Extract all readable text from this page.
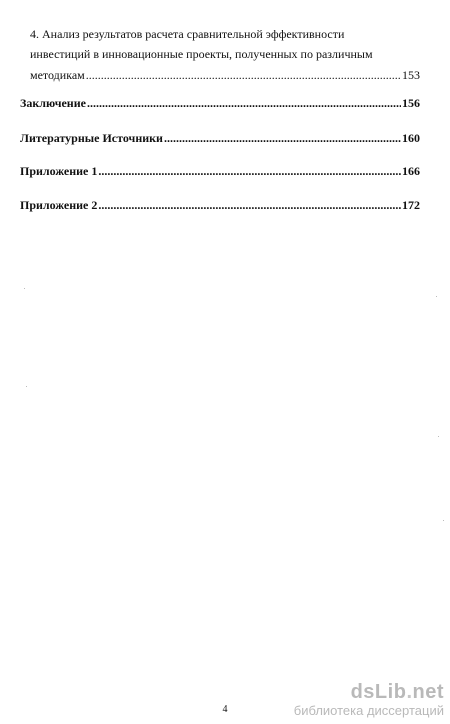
4. Анализ результатов расчета сравнительной эффективности
инвестиций в инновационные проекты, полученных по различным
методикам .....	153
Заключение .....	156
Литературные Источники .....	160
Приложение 1 .....	166
Приложение 2 .....	172
4
dsLib.net
библиотека диссертаций
